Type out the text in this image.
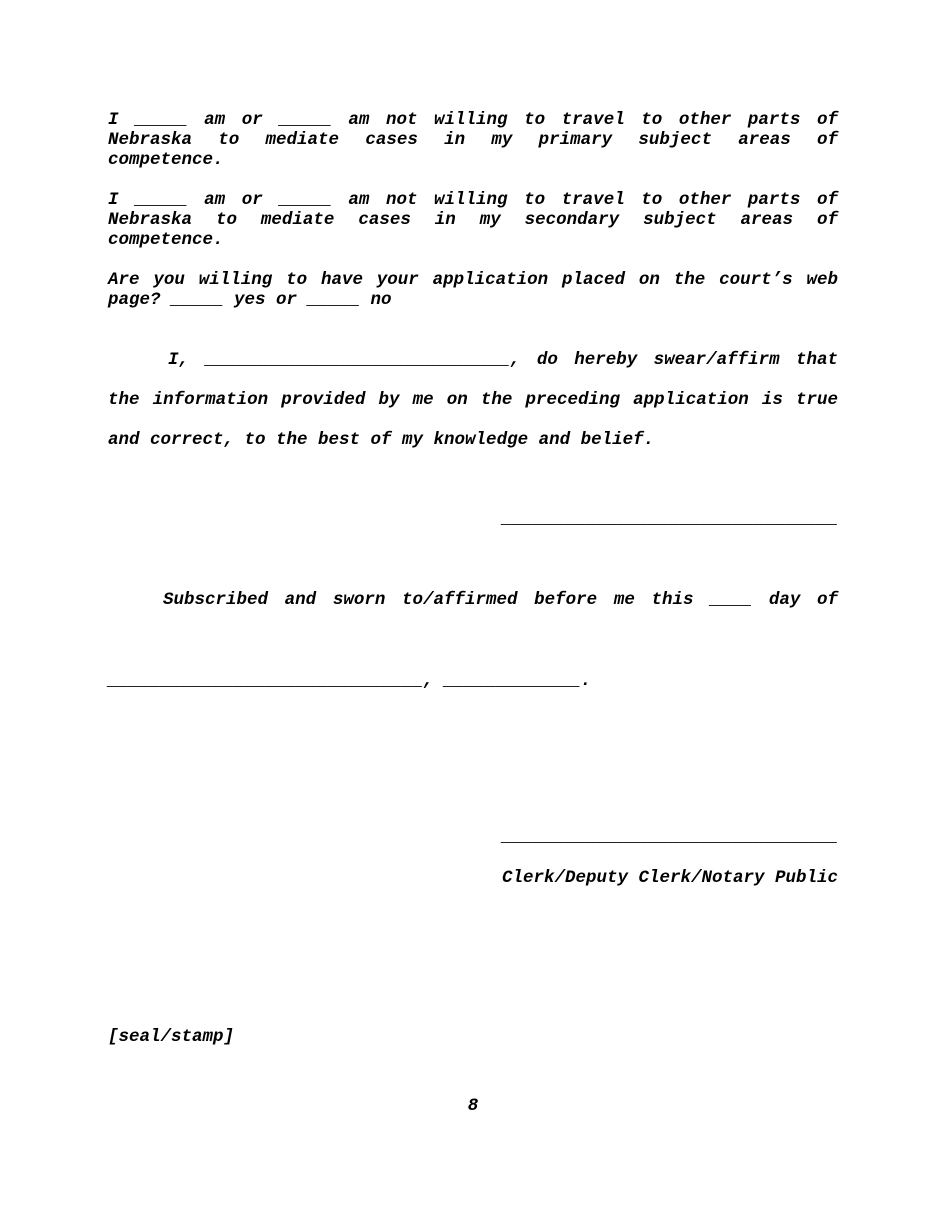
I _____ am or _____ am not willing to travel to other parts of
Nebraska to mediate cases in my primary subject areas of
competence.
I _____ am or _____ am not willing to travel to other parts of
Nebraska to mediate cases in my secondary subject areas of
competence.
Are you willing to have your application placed on the court’s web
page? _____ yes or _____ no
I, _____________________________, do hereby swear/affirm that
the information provided by me on the preceding application is true
and correct, to the best of my knowledge and belief.
________________________________
Subscribed and sworn to/affirmed before me this ____ day of
______________________________, _____________.
________________________________
Clerk/Deputy Clerk/Notary Public
[seal/stamp]
8
